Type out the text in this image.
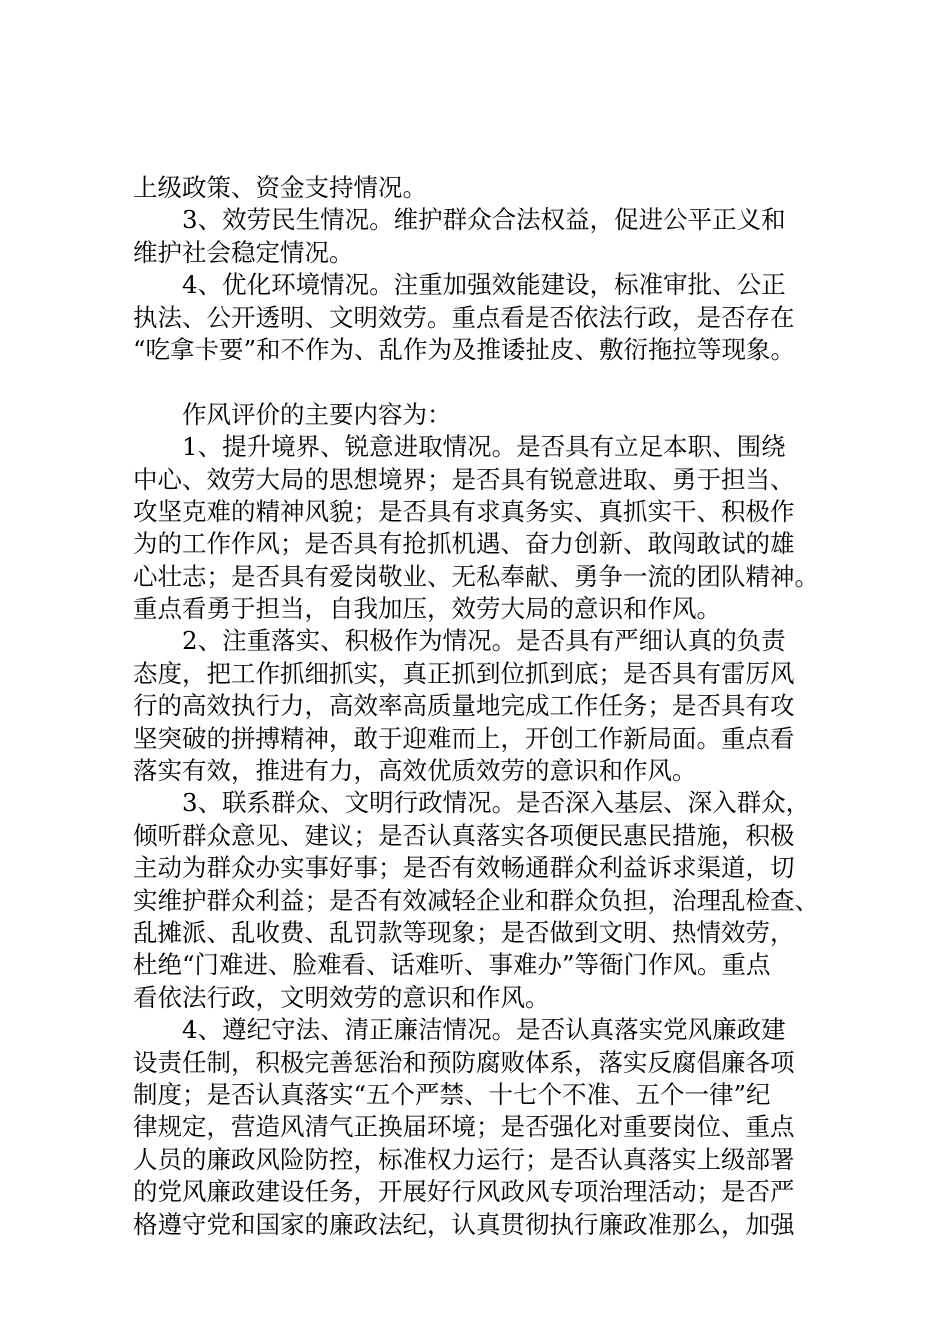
上级政策、资金支持情况。
3、效劳民生情况。维护群众合法权益，促进公平正义和
维护社会稳定情况。
4、优化环境情况。注重加强效能建设，标准审批、公正
执法、公开透明、文明效劳。重点看是否依法行政，是否存在
“吃拿卡要”和不作为、乱作为及推诿扯皮、敷衍拖拉等现象。
作风评价的主要内容为：
1、提升境界、锐意进取情况。是否具有立足本职、围绕
中心、效劳大局的思想境界；是否具有锐意进取、勇于担当、
攻坚克难的精神风貌；是否具有求真务实、真抓实干、积极作
为的工作作风；是否具有抢抓机遇、奋力创新、敢闯敢试的雄
心壮志；是否具有爱岗敬业、无私奉献、勇争一流的团队精神。
重点看勇于担当，自我加压，效劳大局的意识和作风。
2、注重落实、积极作为情况。是否具有严细认真的负责
态度，把工作抓细抓实，真正抓到位抓到底；是否具有雷厉风
行的高效执行力，高效率高质量地完成工作任务；是否具有攻
坚突破的拼搏精神，敢于迎难而上，开创工作新局面。重点看
落实有效，推进有力，高效优质效劳的意识和作风。
3、联系群众、文明行政情况。是否深入基层、深入群众，
倾听群众意见、建议；是否认真落实各项便民惠民措施，积极
主动为群众办实事好事；是否有效畅通群众利益诉求渠道，切
实维护群众利益；是否有效减轻企业和群众负担，治理乱检查、
乱摊派、乱收费、乱罚款等现象；是否做到文明、热情效劳，
杜绝“门难进、脸难看、话难听、事难办”等衙门作风。重点
看依法行政，文明效劳的意识和作风。
4、遵纪守法、清正廉洁情况。是否认真落实党风廉政建
设责任制，积极完善惩治和预防腐败体系，落实反腐倡廉各项
制度；是否认真落实“五个严禁、十七个不准、五个一律”纪
律规定，营造风清气正换届环境；是否强化对重要岗位、重点
人员的廉政风险防控，标准权力运行；是否认真落实上级部署
的党风廉政建设任务，开展好行风政风专项治理活动；是否严
格遵守党和国家的廉政法纪，认真贯彻执行廉政准那么，加强
